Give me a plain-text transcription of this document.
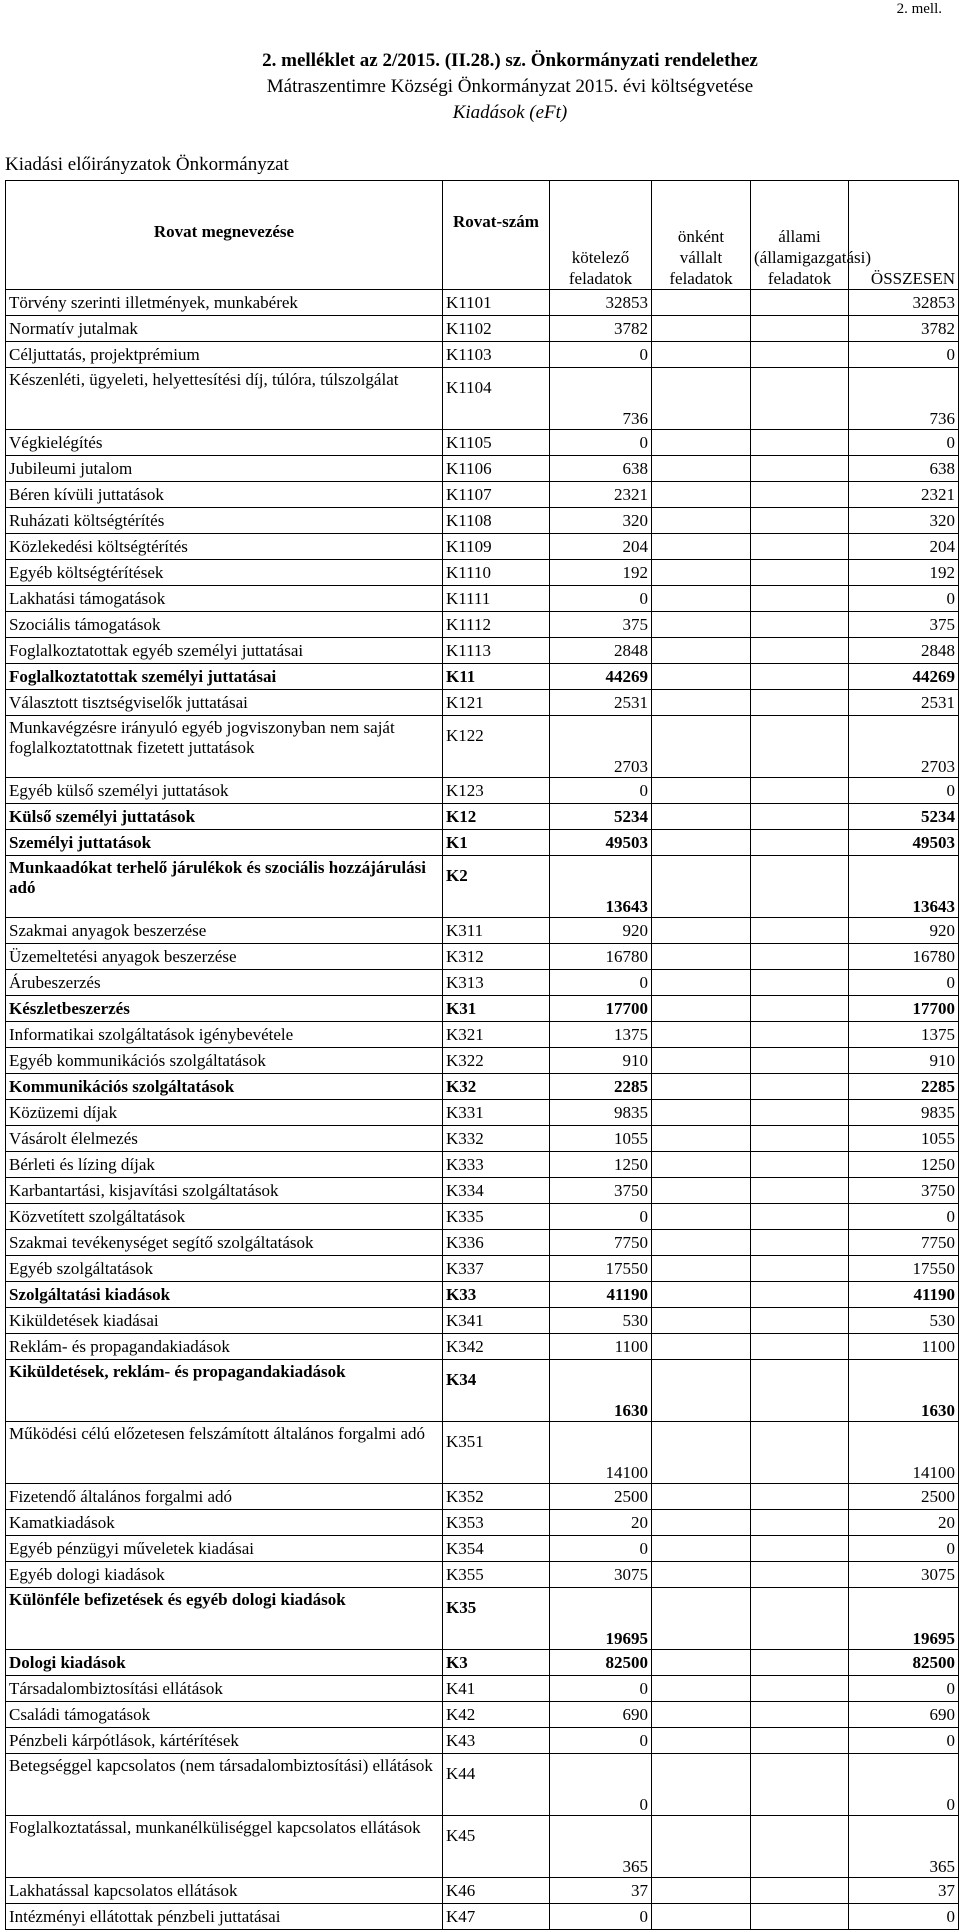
2. mell.
2. melléklet az 2/2015. (II.28.) sz. Önkormányzati rendelethez
Mátraszentimre Községi Önkormányzat 2015. évi költségvetése
Kiadások (eFt)
Kiadási előirányzatok Önkormányzat
Rovat megnevezése	Rovat-szám	kötelező feladatok	önként vállalt feladatok	állami (államigazgatási) feladatok	ÖSSZESEN
Törvény szerinti illetmények, munkabérek	K1101	32853			32853
Normatív jutalmak	K1102	3782			3782
Céljuttatás, projektprémium	K1103	0			0
Készenléti, ügyeleti, helyettesítési díj, túlóra, túlszolgálat	K1104	736			736
Végkielégítés	K1105	0			0
Jubileumi jutalom	K1106	638			638
Béren kívüli juttatások	K1107	2321			2321
Ruházati költségtérítés	K1108	320			320
Közlekedési költségtérítés	K1109	204			204
Egyéb költségtérítések	K1110	192			192
Lakhatási támogatások	K1111	0			0
Szociális támogatások	K1112	375			375
Foglalkoztatottak egyéb személyi juttatásai	K1113	2848			2848
Foglalkoztatottak személyi juttatásai	K11	44269			44269
Választott tisztségviselők juttatásai	K121	2531			2531
Munkavégzésre irányuló egyéb jogviszonyban nem saját foglalkoztatottnak fizetett juttatások	K122	2703			2703
Egyéb külső személyi juttatások	K123	0			0
Külső személyi juttatások	K12	5234			5234
Személyi juttatások	K1	49503			49503
Munkaadókat terhelő járulékok és szociális hozzájárulási adó	K2	13643			13643
Szakmai anyagok beszerzése	K311	920			920
Üzemeltetési anyagok beszerzése	K312	16780			16780
Árubeszerzés	K313	0			0
Készletbeszerzés	K31	17700			17700
Informatikai szolgáltatások igénybevétele	K321	1375			1375
Egyéb kommunikációs szolgáltatások	K322	910			910
Kommunikációs szolgáltatások	K32	2285			2285
Közüzemi díjak	K331	9835			9835
Vásárolt élelmezés	K332	1055			1055
Bérleti és lízing díjak	K333	1250			1250
Karbantartási, kisjavítási szolgáltatások	K334	3750			3750
Közvetített szolgáltatások	K335	0			0
Szakmai tevékenységet segítő szolgáltatások	K336	7750			7750
Egyéb szolgáltatások	K337	17550			17550
Szolgáltatási kiadások	K33	41190			41190
Kiküldetések kiadásai	K341	530			530
Reklám- és propagandakiadások	K342	1100			1100
Kiküldetések, reklám- és propagandakiadások	K34	1630			1630
Működési célú előzetesen felszámított általános forgalmi adó	K351	14100			14100
Fizetendő általános forgalmi adó	K352	2500			2500
Kamatkiadások	K353	20			20
Egyéb pénzügyi műveletek kiadásai	K354	0			0
Egyéb dologi kiadások	K355	3075			3075
Különféle befizetések és egyéb dologi kiadások	K35	19695			19695
Dologi kiadások	K3	82500			82500
Társadalombiztosítási ellátások	K41	0			0
Családi támogatások	K42	690			690
Pénzbeli kárpótlások, kártérítések	K43	0			0
Betegséggel kapcsolatos (nem társadalombiztosítási) ellátások	K44	0			0
Foglalkoztatással, munkanélküliséggel kapcsolatos ellátások	K45	365			365
Lakhatással kapcsolatos ellátások	K46	37			37
Intézményi ellátottak pénzbeli juttatásai	K47	0			0
